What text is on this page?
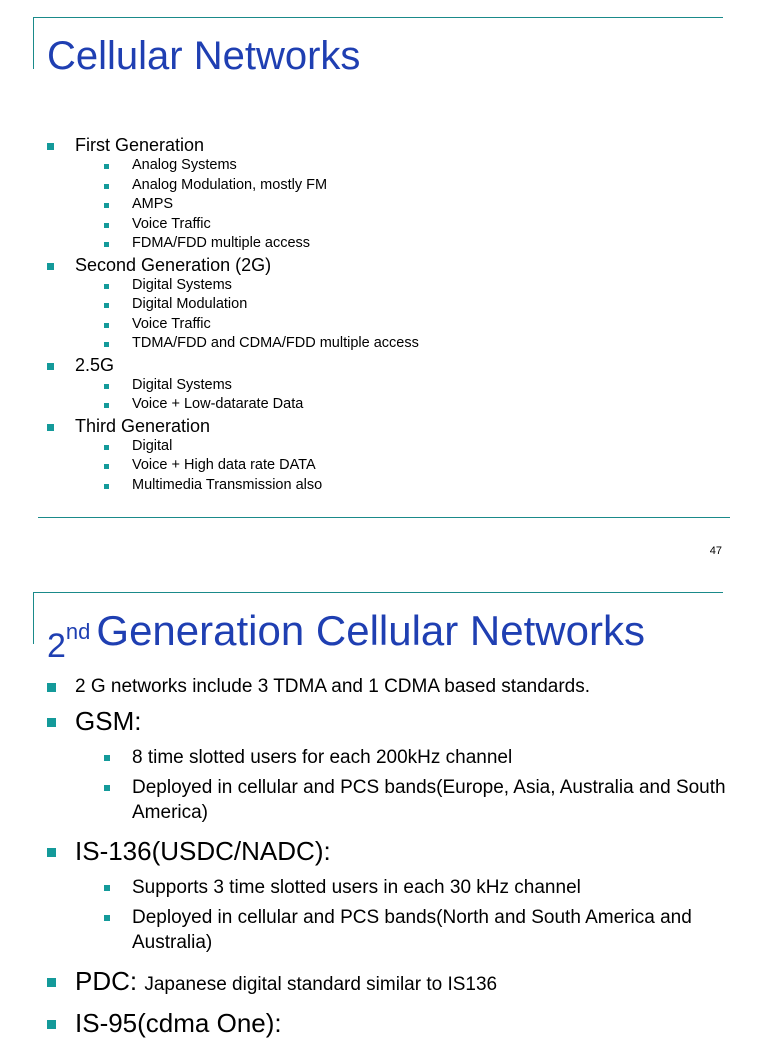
Cellular Networks
First Generation
Analog Systems
Analog Modulation, mostly FM
AMPS
Voice Traffic
FDMA/FDD multiple access
Second Generation (2G)
Digital Systems
Digital Modulation
Voice Traffic
TDMA/FDD and CDMA/FDD multiple access
2.5G
Digital Systems
Voice + Low-datarate Data
Third Generation
Digital
Voice + High data rate DATA
Multimedia Transmission also
47
$_2$nd Generation Cellular Networks
2 G networks include 3 TDMA and 1 CDMA based standards.
GSM:
8 time slotted users for each 200kHz channel
Deployed in cellular and PCS bands(Europe, Asia, Australia and South America)
IS-136(USDC/NADC):
Supports 3 time slotted users in each 30 kHz channel
Deployed in cellular and PCS bands(North and South America and Australia)
PDC: Japanese digital standard similar to IS136
IS-95(cdma One):
